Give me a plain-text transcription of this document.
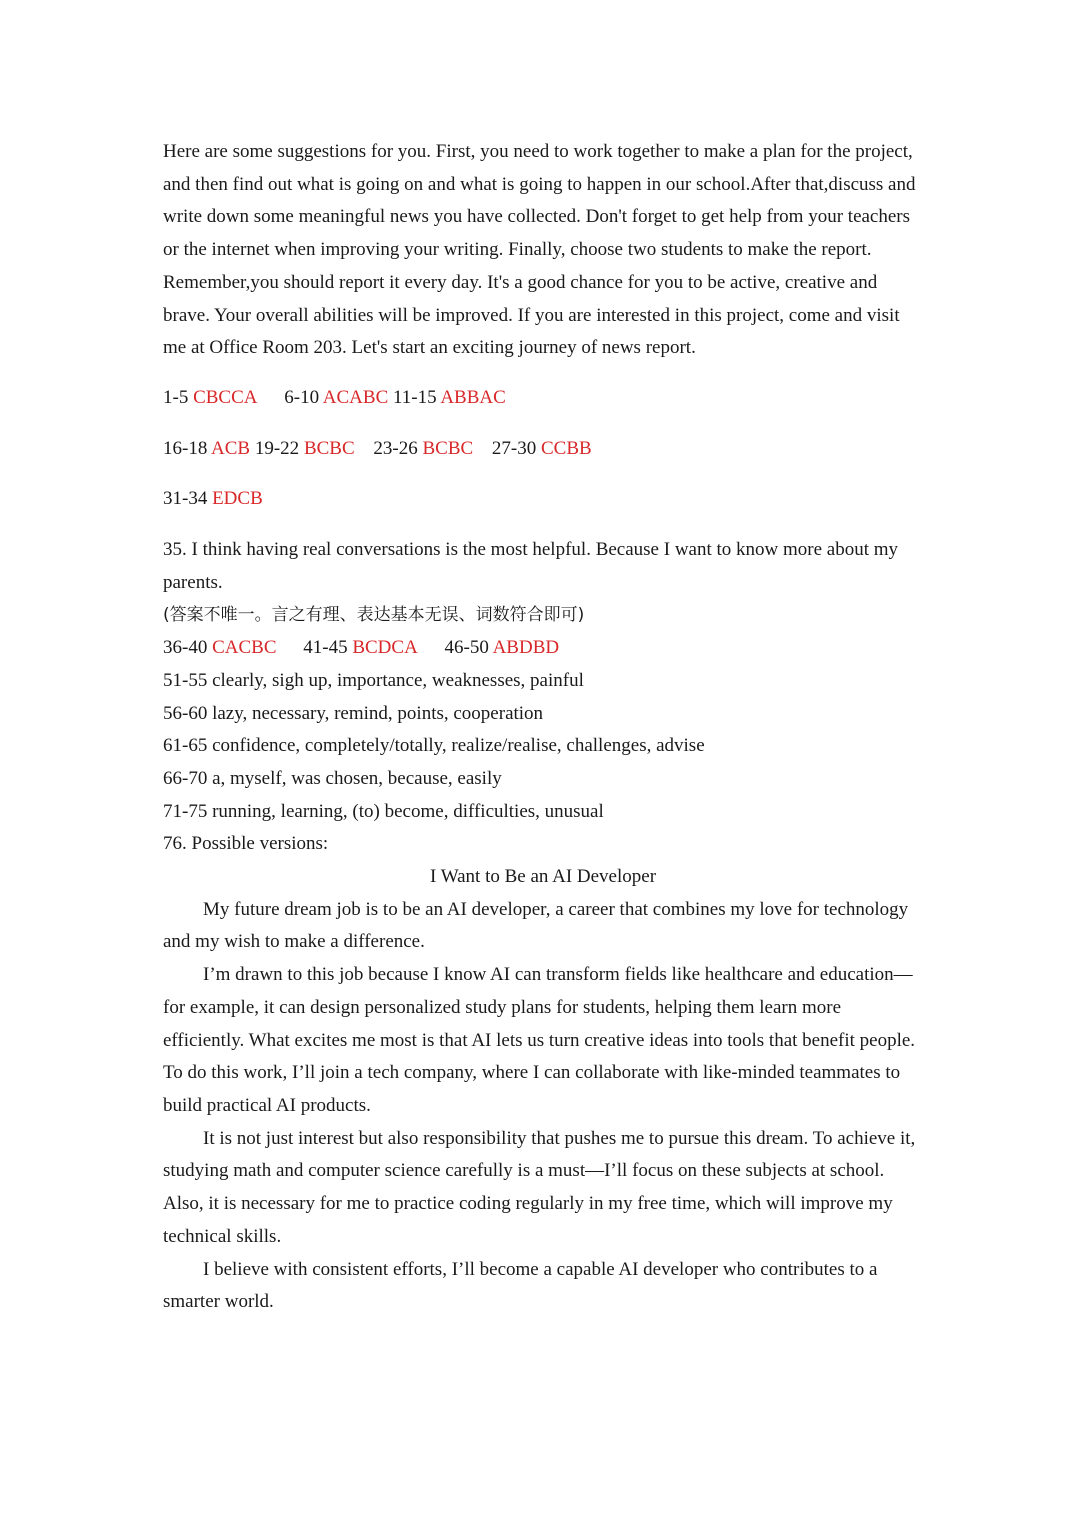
Here are some suggestions for you. First, you need to work together to make a plan for the project, and then find out what is going on and what is going to happen in our school.After that,discuss and write down some meaningful news you have collected. Don't forget to get help from your teachers or the internet when improving your writing. Finally, choose two students to make the report. Remember,you should report it every day. It's a good chance for you to be active, creative and brave. Your overall abilities will be improved. If you are interested in this project, come and visit me at Office Room 203. Let's start an exciting journey of news report.

1-5 CBCCA 6-10 ACABC 11-15 ABBAC

16-18 ACB 19-22 BCBC 23-26 BCBC 27-30 CCBB

31-34 EDCB

35. I think having real conversations is the most helpful. Because I want to know more about my parents.

(答案不唯一。言之有理、表达基本无误、词数符合即可)

36-40 CACBC 41-45 BCDCA 46-50 ABDBD

51-55 clearly, sigh up, importance, weaknesses, painful

56-60 lazy, necessary, remind, points, cooperation

61-65 confidence, completely/totally, realize/realise, challenges, advise

66-70 a, myself, was chosen, because, easily

71-75 running, learning, (to) become, difficulties, unusual

76. Possible versions:

I Want to Be an AI Developer

My future dream job is to be an AI developer, a career that combines my love for technology and my wish to make a difference.

I’m drawn to this job because I know AI can transform fields like healthcare and education—for example, it can design personalized study plans for students, helping them learn more efficiently. What excites me most is that AI lets us turn creative ideas into tools that benefit people. To do this work, I’ll join a tech company, where I can collaborate with like-minded teammates to build practical AI products.

It is not just interest but also responsibility that pushes me to pursue this dream. To achieve it, studying math and computer science carefully is a must—I’ll focus on these subjects at school. Also, it is necessary for me to practice coding regularly in my free time, which will improve my technical skills.

I believe with consistent efforts, I’ll become a capable AI developer who contributes to a smarter world.
